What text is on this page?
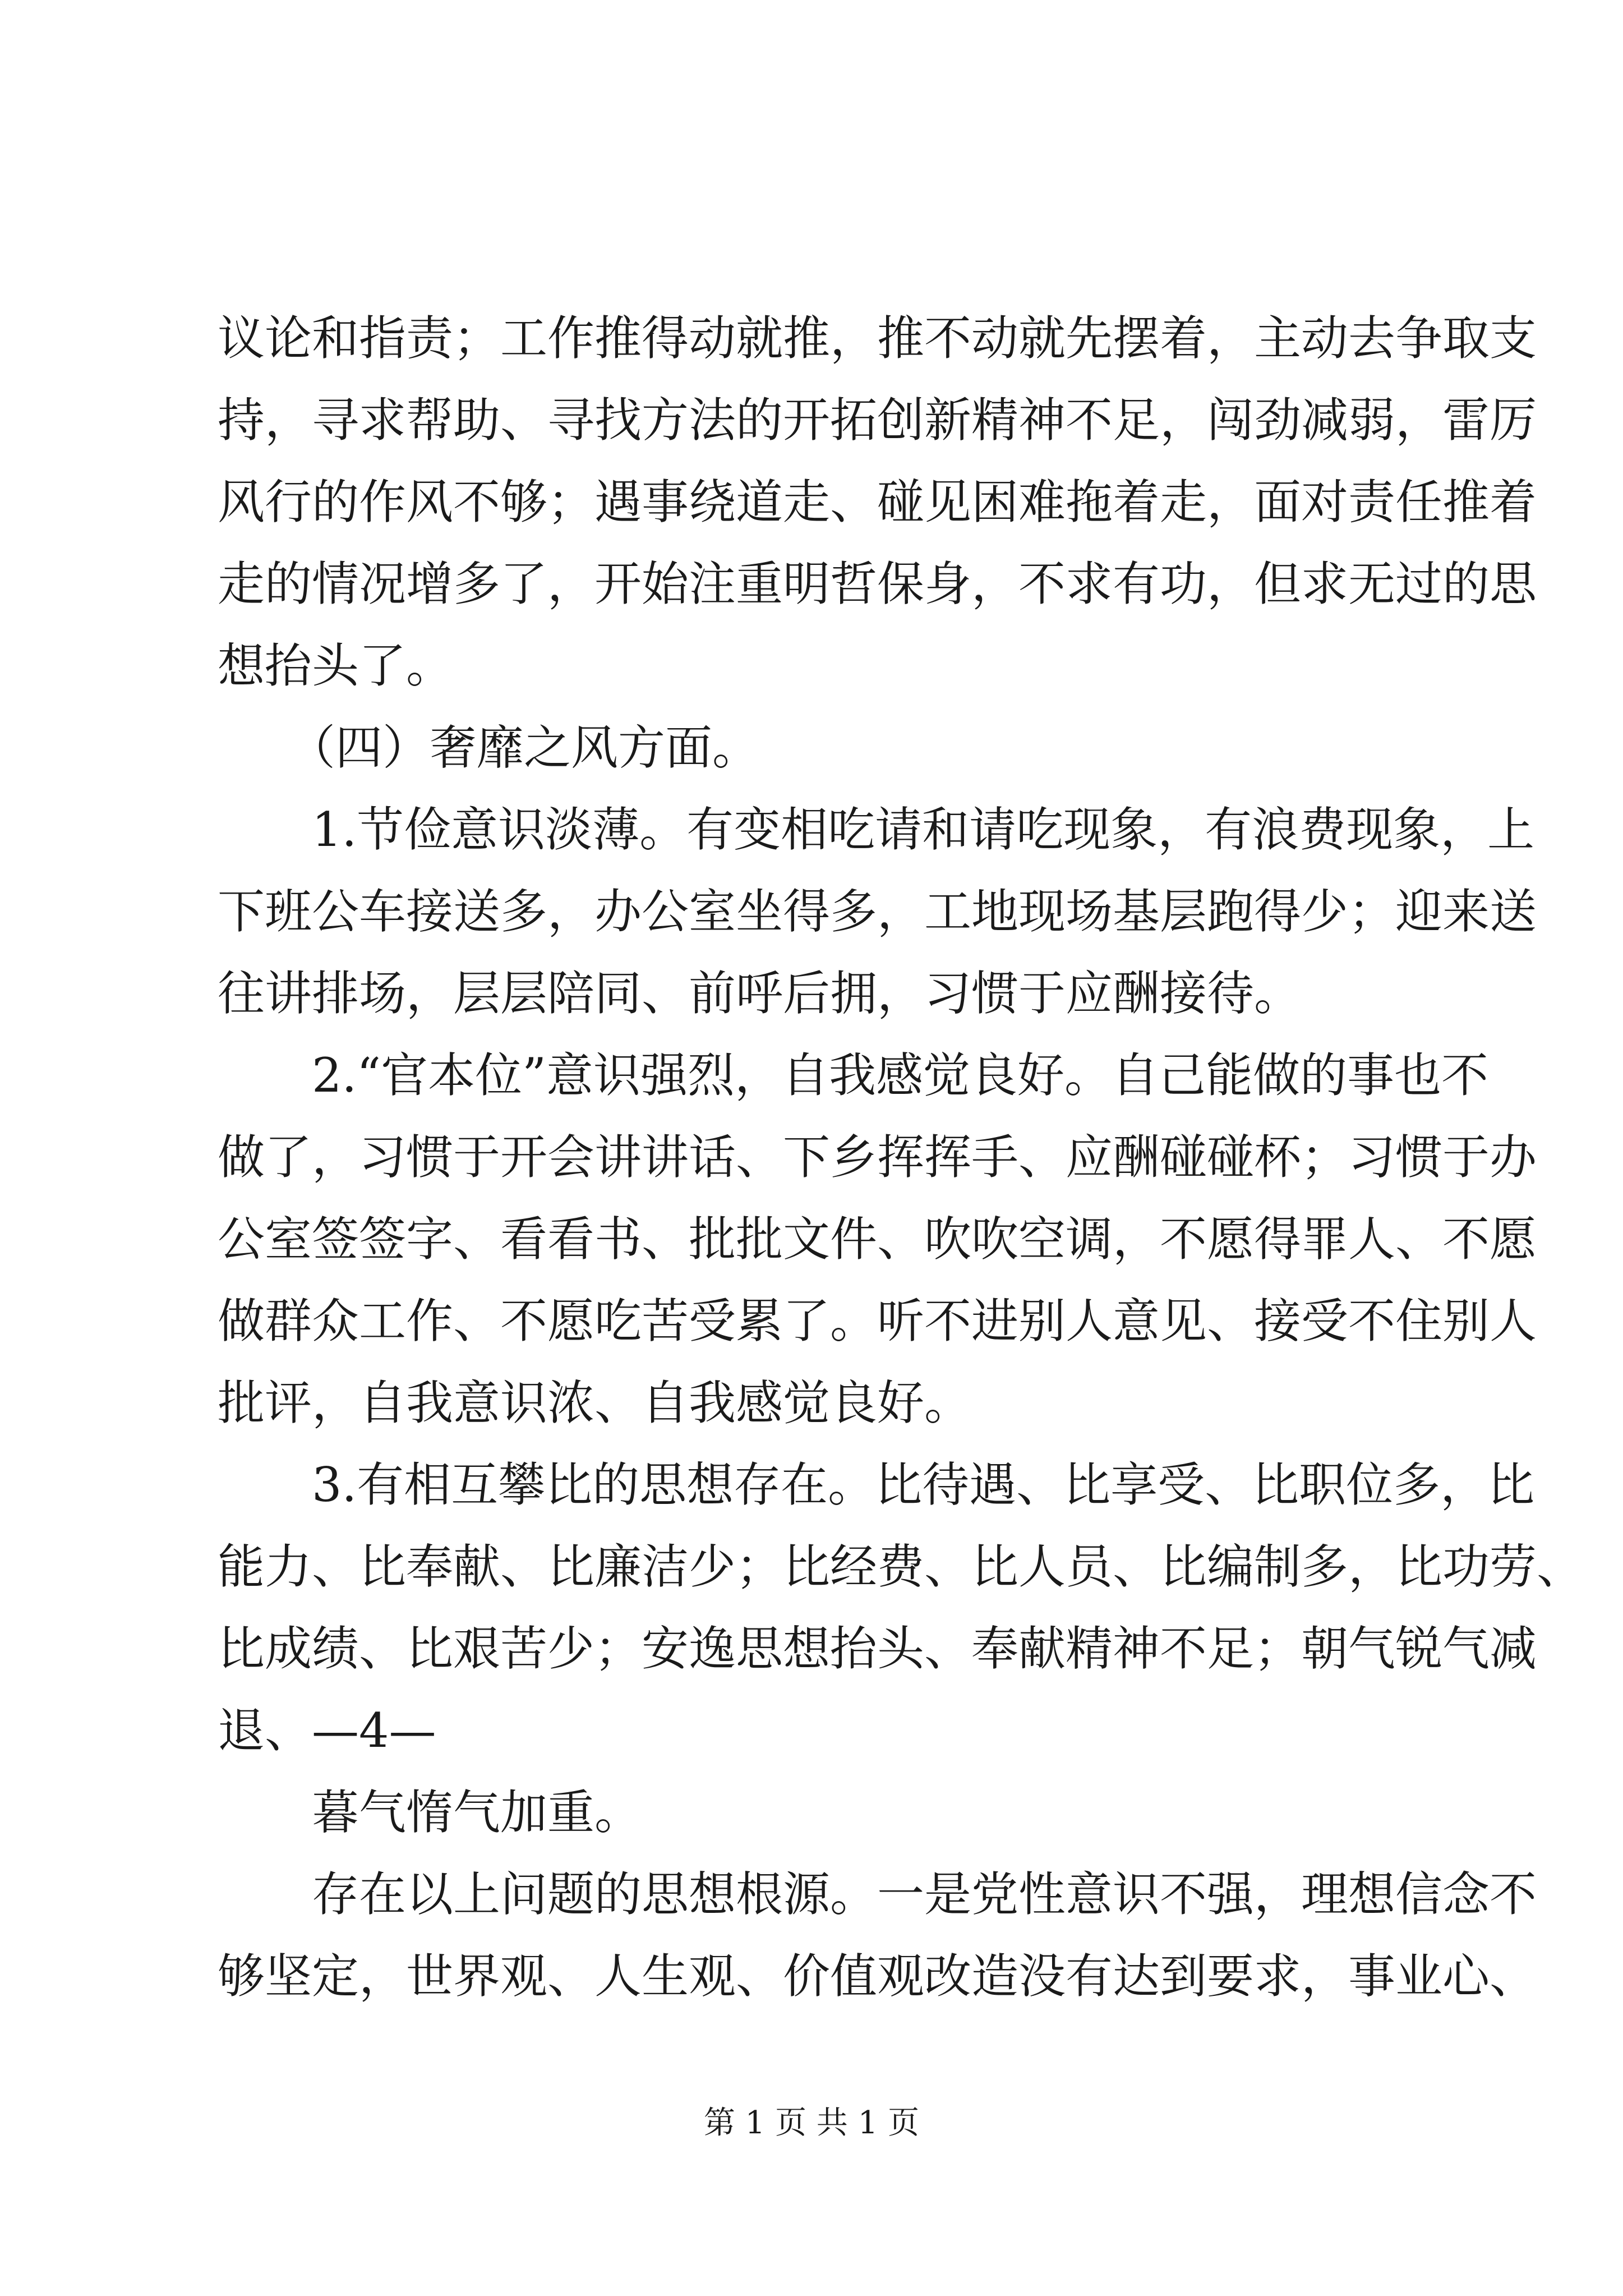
议论和指责；工作推得动就推，推不动就先摆着，主动去争取支
持，寻求帮助、寻找方法的开拓创新精神不足，闯劲减弱，雷厉
风行的作风不够；遇事绕道走、碰见困难拖着走，面对责任推着
走的情况增多了，开始注重明哲保身，不求有功，但求无过的思
想抬头了。
　　（四）奢靡之风方面。
　　1.节俭意识淡薄。有变相吃请和请吃现象，有浪费现象，上
下班公车接送多，办公室坐得多，工地现场基层跑得少；迎来送
往讲排场，层层陪同、前呼后拥，习惯于应酬接待。
　　2.“官本位”意识强烈，自我感觉良好。自己能做的事也不
做了，习惯于开会讲讲话、下乡挥挥手、应酬碰碰杯；习惯于办
公室签签字、看看书、批批文件、吹吹空调，不愿得罪人、不愿
做群众工作、不愿吃苦受累了。听不进别人意见、接受不住别人
批评，自我意识浓、自我感觉良好。
　　3.有相互攀比的思想存在。比待遇、比享受、比职位多，比
能力、比奉献、比廉洁少；比经费、比人员、比编制多，比功劳、
比成绩、比艰苦少；安逸思想抬头、奉献精神不足；朝气锐气减
退、—4—
　　暮气惰气加重。
　　存在以上问题的思想根源。一是党性意识不强，理想信念不
够坚定，世界观、人生观、价值观改造没有达到要求，事业心、
第 1 页 共 1 页
